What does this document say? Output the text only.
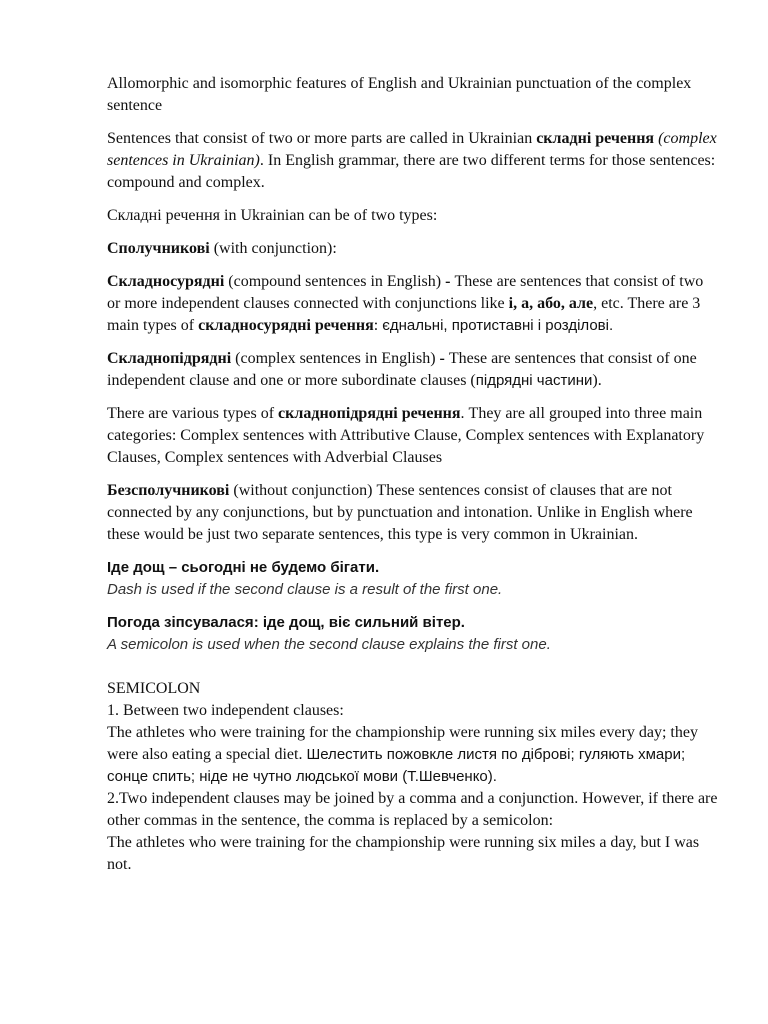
Allomorphic and isomorphic features of English and Ukrainian punctuation of the complex sentence

Sentences that consist of two or more parts are called in Ukrainian складні речення (complex sentences in Ukrainian). In English grammar, there are two different terms for those sentences: compound and complex.

Складні речення in Ukrainian can be of two types:

Сполучникові (with conjunction):

Складносурядні (compound sentences in English) - These are sentences that consist of two or more independent clauses connected with conjunctions like і, а, або, але, etc. There are 3 main types of складносурядні речення: єднальні, протиставні і розділові.

Складнопідрядні (complex sentences in English) - These are sentences that consist of one independent clause and one or more subordinate clauses (підрядні частини).

There are various types of складнопідрядні речення. They are all grouped into three main categories: Complex sentences with Attributive Clause, Complex sentences with Explanatory Clauses, Complex sentences with Adverbial Clauses

Безсполучникові (without conjunction) These sentences consist of clauses that are not connected by any conjunctions, but by punctuation and intonation. Unlike in English where these would be just two separate sentences, this type is very common in Ukrainian.

Іде дощ – сьогодні не будемо бігати.
Dash is used if the second clause is a result of the first one.

Погода зіпсувалася: іде дощ, віє сильний вітер.
A semicolon is used when the second clause explains the first one.

SEMICOLON
1. Between two independent clauses:
The athletes who were training for the championship were running six miles every day; they were also eating a special diet. Шелестить пожовкле листя по діброві; гуляють хмари; сонце спить; ніде не чутно людської мови (Т.Шевченко).
2.Two independent clauses may be joined by a comma and a conjunction. However, if there are other commas in the sentence, the comma is replaced by a semicolon:
The athletes who were training for the championship were running six miles a day, but I was not.
